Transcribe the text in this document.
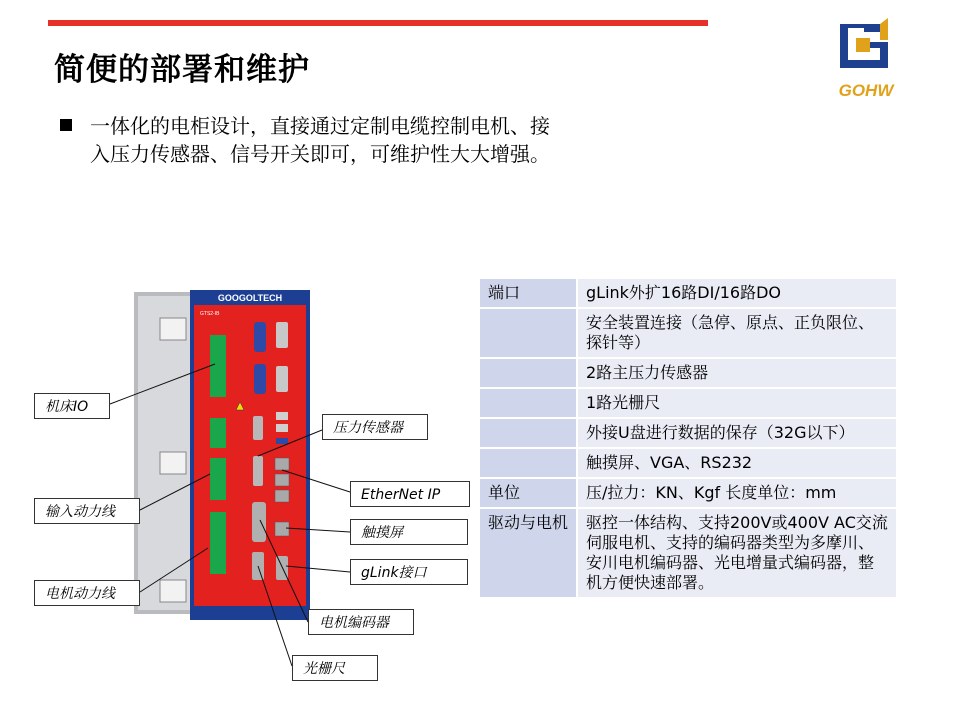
简便的部署和维护
GOHW
一体化的电柜设计，直接通过定制电缆控制电机、接入压力传感器、信号开关即可，可维护性大大增强。
GOOGOLTECH
GTS2-IB
机床IO
输入动力线
电机动力线
压力传感器
EtherNet IP
触摸屏
gLink接口
电机编码器
光栅尺
端口	gLink外扩16路DI/16路DO
	安全装置连接（急停、原点、正负限位、探针等）
	2路主压力传感器
	1路光栅尺
	外接U盘进行数据的保存（32G以下）
	触摸屏、VGA、RS232
单位	压/拉力：KN、Kgf 长度单位：mm
驱动与电机	驱控一体结构、支持200V或400V AC交流伺服电机、支持的编码器类型为多摩川、安川电机编码器、光电增量式编码器，整机方便快速部署。
